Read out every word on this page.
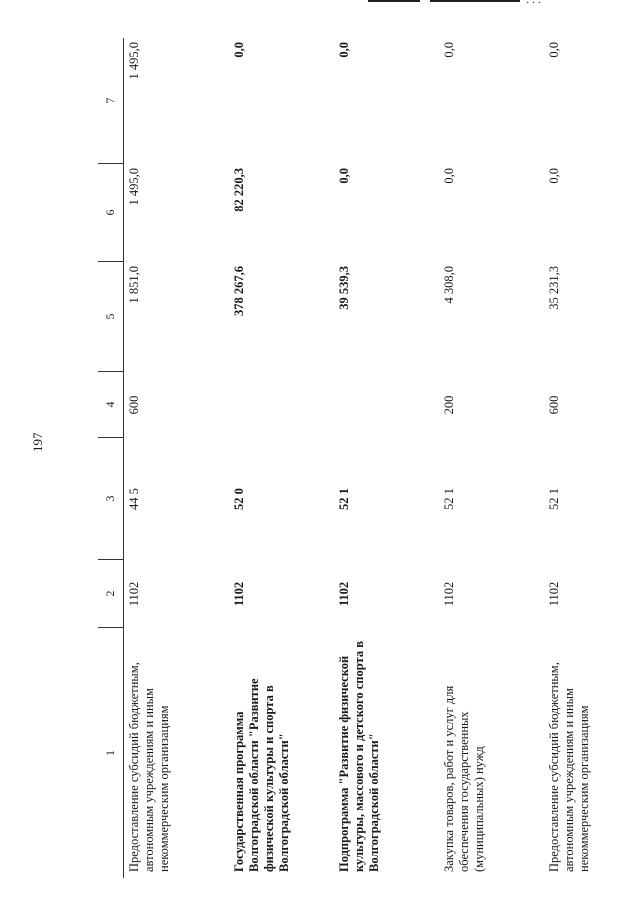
· · ·
197
1
2
3
4
5
6
7
Предоставление субсидий бюджетным, автономным учреждениям и иным некоммерческим организациям
1102
44 5
600
1 851,0
1 495,0
1 495,0
Государственная программа Волгоградской области "Развитие физической культуры и спорта в Волгоградской области"
1102
52 0
378 267,6
82 220,3
0,0
Подпрограмма "Развитие физической культуры, массового и детского спорта в Волгоградской области"
1102
52 1
39 539,3
0,0
0,0
Закупка товаров, работ и услуг для обеспечения государственных (муниципальных) нужд
1102
52 1
200
4 308,0
0,0
0,0
Предоставление субсидий бюджетным, автономным учреждениям и иным некоммерческим организациям
1102
52 1
600
35 231,3
0,0
0,0
